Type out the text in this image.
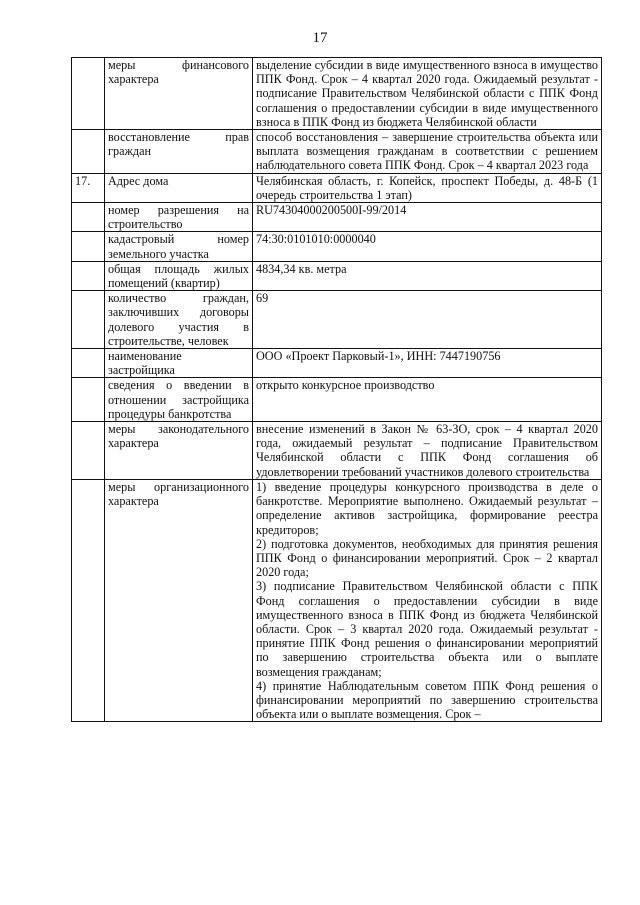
17
	меры финансового характера	выделение субсидии в виде имущественного взноса в имущество ППК Фонд. Срок – 4 квартал 2020 года. Ожидаемый результат - подписание Правительством Челябинской области с ППК Фонд соглашения о предоставлении субсидии в виде имущественного взноса в ППК Фонд из бюджета Челябинской области
	восстановление прав граждан	способ восстановления – завершение строительства объекта или выплата возмещения гражданам в соответствии с решением наблюдательного совета ППК Фонд. Срок – 4 квартал 2023 года
17.	Адрес дома	Челябинская область, г. Копейск, проспект Победы, д. 48-Б (1 очередь строительства 1 этап)
	номер разрешения на строительство	RU74304000200500I-99/2014
	кадастровый номер земельного участка	74:30:0101010:0000040
	общая площадь жилых помещений (квартир)	4834,34 кв. метра
	количество граждан, заключивших договоры долевого участия в строительстве, человек	69
	наименование застройщика	ООО «Проект Парковый-1», ИНН: 7447190756
	сведения о введении в отношении застройщика процедуры банкротства	открыто конкурсное производство
	меры законодательного характера	внесение изменений в Закон № 63-ЗО, срок – 4 квартал 2020 года, ожидаемый результат – подписание Правительством Челябинской области с ППК Фонд соглашения об удовлетворении требований участников долевого строительства
	меры организационного характера	1) введение процедуры конкурсного производства в деле о банкротстве. Мероприятие выполнено. Ожидаемый результат – определение активов застройщика, формирование реестра кредиторов;
2) подготовка документов, необходимых для принятия решения ППК Фонд о финансировании мероприятий. Срок – 2 квартал 2020 года;
3) подписание Правительством Челябинской области с ППК Фонд соглашения о предоставлении субсидии в виде имущественного взноса в ППК Фонд из бюджета Челябинской области. Срок – 3 квартал 2020 года. Ожидаемый результат - принятие ППК Фонд решения о финансировании мероприятий по завершению строительства объекта или о выплате возмещения гражданам;
4) принятие Наблюдательным советом ППК Фонд решения о финансировании мероприятий по завершению строительства объекта или о выплате возмещения. Срок –
